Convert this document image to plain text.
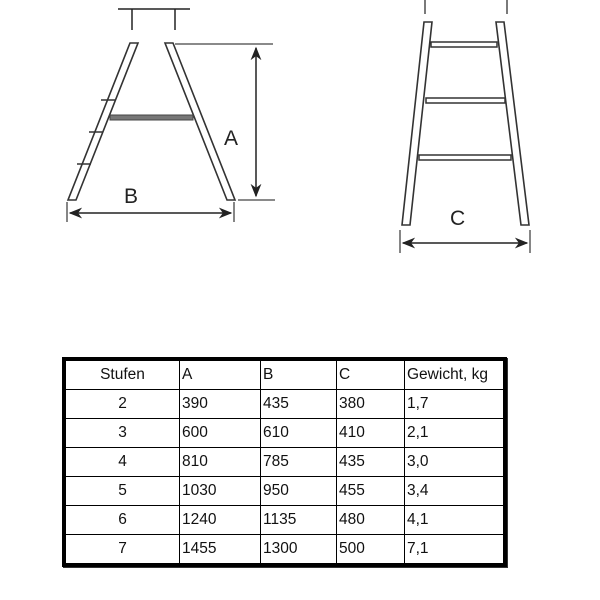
A
B
C
Stufen	A	B	C	Gewicht, kg
2	390	435	380	1,7
3	600	610	410	2,1
4	810	785	435	3,0
5	1030	950	455	3,4
6	1240	1135	480	4,1
7	1455	1300	500	7,1
